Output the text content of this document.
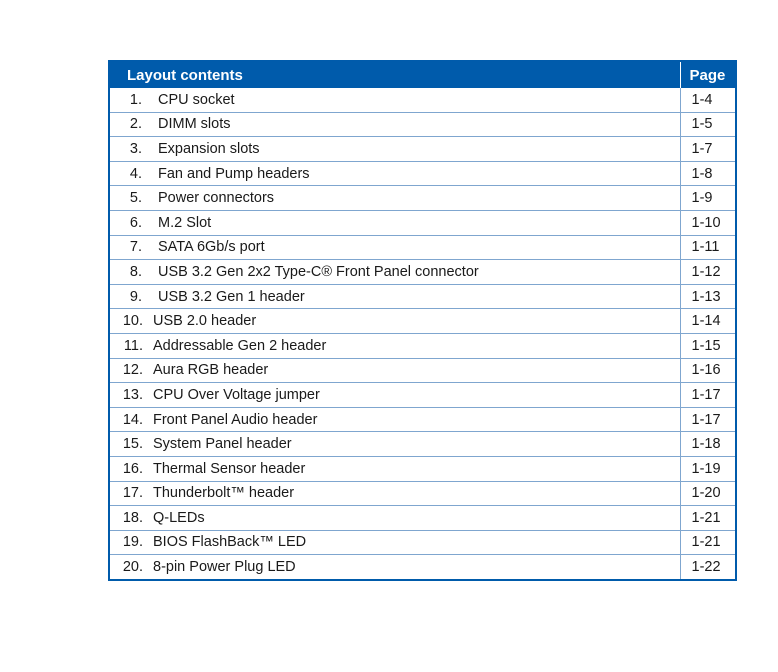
Layout contents	Page
1. CPU socket	1-4
2. DIMM slots	1-5
3. Expansion slots	1-7
4. Fan and Pump headers	1-8
5. Power connectors	1-9
6. M.2 Slot	1-10
7. SATA 6Gb/s port	1-11
8. USB 3.2 Gen 2x2 Type-C® Front Panel connector	1-12
9. USB 3.2 Gen 1 header	1-13
10. USB 2.0 header	1-14
11. Addressable Gen 2 header	1-15
12. Aura RGB header	1-16
13. CPU Over Voltage jumper	1-17
14. Front Panel Audio header	1-17
15. System Panel header	1-18
16. Thermal Sensor header	1-19
17. Thunderbolt™ header	1-20
18. Q-LEDs	1-21
19. BIOS FlashBack™ LED	1-21
20. 8-pin Power Plug LED	1-22
